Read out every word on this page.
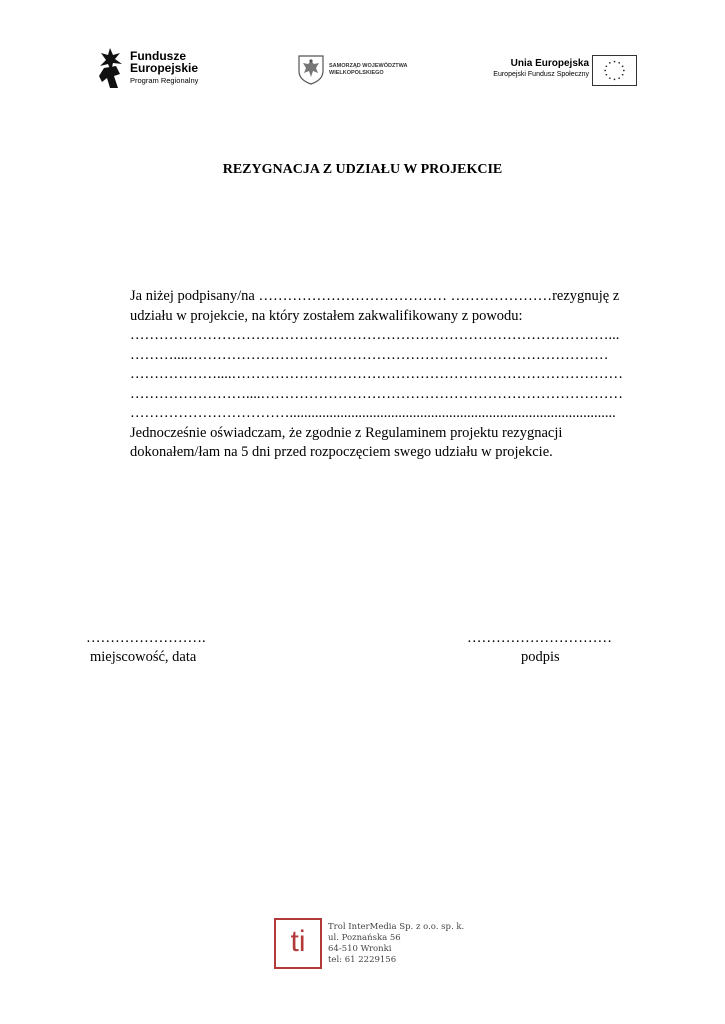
Fundusze
Europejskie
Program Regionalny
SAMORZĄD WOJEWÓDZTWA
WIELKOPOLSKIEGO
Unia Europejska
Europejski Fundusz Społeczny
REZYGNACJA Z UDZIAŁU W PROJEKCIE
Ja niżej podpisany/na ………………………………… …………………rezygnuję z
udziału w projekcie, na który zostałem zakwalifikowany z powodu:
………………………………………………………………………………………...
………....……………………………………………………………………………
………………....………………………………………………………………………
……………………....…………………………………………………………………
……………………………..........................................................................................
Jednocześnie oświadczam, że zgodnie z Regulaminem projektu rezygnacji
dokonałem/łam na 5 dni przed rozpoczęciem swego udziału w projekcie.
…………………….
miejscowość, data
…………………………
podpis
ti	Trol InterMedia Sp. z o.o. sp. k.
ul. Poznańska 56
64-510 Wronki
tel: 61 2229156
